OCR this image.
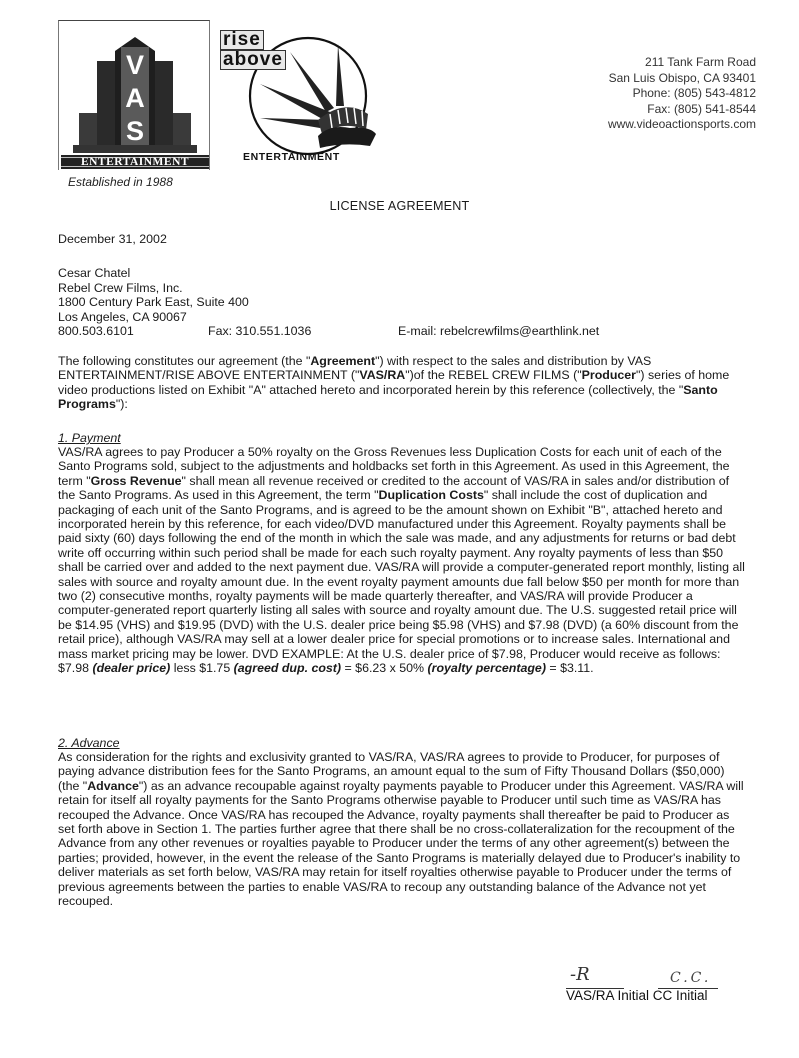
V
A
S
ENTERTAINMENT
Established in 1988
rise
above
ENTERTAINMENT
211 Tank Farm Road
San Luis Obispo, CA 93401
Phone: (805) 543-4812
Fax: (805) 541-8544
www.videoactionsports.com
LICENSE AGREEMENT
December 31, 2002
Cesar Chatel
Rebel Crew Films, Inc.
1800 Century Park East, Suite 400
Los Angeles, CA 90067
800.503.6101	Fax: 310.551.1036	E-mail: rebelcrewfilms@earthlink.net
The following constitutes our agreement (the "Agreement") with respect to the sales and distribution by VAS ENTERTAINMENT/RISE ABOVE ENTERTAINMENT ("VAS/RA")of the REBEL CREW FILMS ("Producer") series of home video productions listed on Exhibit "A" attached hereto and incorporated herein by this reference (collectively, the "Santo Programs"):
1. Payment
VAS/RA agrees to pay Producer a 50% royalty on the Gross Revenues less Duplication Costs for each unit of each of the Santo Programs sold, subject to the adjustments and holdbacks set forth in this Agreement. As used in this Agreement, the term "Gross Revenue" shall mean all revenue received or credited to the account of VAS/RA in sales and/or distribution of the Santo Programs. As used in this Agreement, the term "Duplication Costs" shall include the cost of duplication and packaging of each unit of the Santo Programs, and is agreed to be the amount shown on Exhibit "B", attached hereto and incorporated herein by this reference, for each video/DVD manufactured under this Agreement. Royalty payments shall be paid sixty (60) days following the end of the month in which the sale was made, and any adjustments for returns or bad debt write off occurring within such period shall be made for each such royalty payment. Any royalty payments of less than $50 shall be carried over and added to the next payment due. VAS/RA will provide a computer-generated report monthly, listing all sales with source and royalty amount due. In the event royalty payment amounts due fall below $50 per month for more than two (2) consecutive months, royalty payments will be made quarterly thereafter, and VAS/RA will provide Producer a computer-generated report quarterly listing all sales with source and royalty amount due. The U.S. suggested retail price will be $14.95 (VHS) and $19.95 (DVD) with the U.S. dealer price being $5.98 (VHS) and $7.98 (DVD) (a 60% discount from the retail price), although VAS/RA may sell at a lower dealer price for special promotions or to increase sales. International and mass market pricing may be lower. DVD EXAMPLE: At the U.S. dealer price of $7.98, Producer would receive as follows: $7.98 (dealer price) less $1.75 (agreed dup. cost) = $6.23 x 50% (royalty percentage) = $3.11.
2. Advance
As consideration for the rights and exclusivity granted to VAS/RA, VAS/RA agrees to provide to Producer, for purposes of paying advance distribution fees for the Santo Programs, an amount equal to the sum of Fifty Thousand Dollars ($50,000) (the "Advance") as an advance recoupable against royalty payments payable to Producer under this Agreement. VAS/RA will retain for itself all royalty payments for the Santo Programs otherwise payable to Producer until such time as VAS/RA has recouped the Advance. Once VAS/RA has recouped the Advance, royalty payments shall thereafter be paid to Producer as set forth above in Section 1. The parties further agree that there shall be no cross-collateralization for the recoupment of the Advance from any other revenues or royalties payable to Producer under the terms of any other agreement(s) between the parties; provided, however, in the event the release of the Santo Programs is materially delayed due to Producer's inability to deliver materials as set forth below, VAS/RA may retain for itself royalties otherwise payable to Producer under the terms of previous agreements between the parties to enable VAS/RA to recoup any outstanding balance of the Advance not yet recouped.
-R	C.C.
VAS/RA Initial CC Initial
